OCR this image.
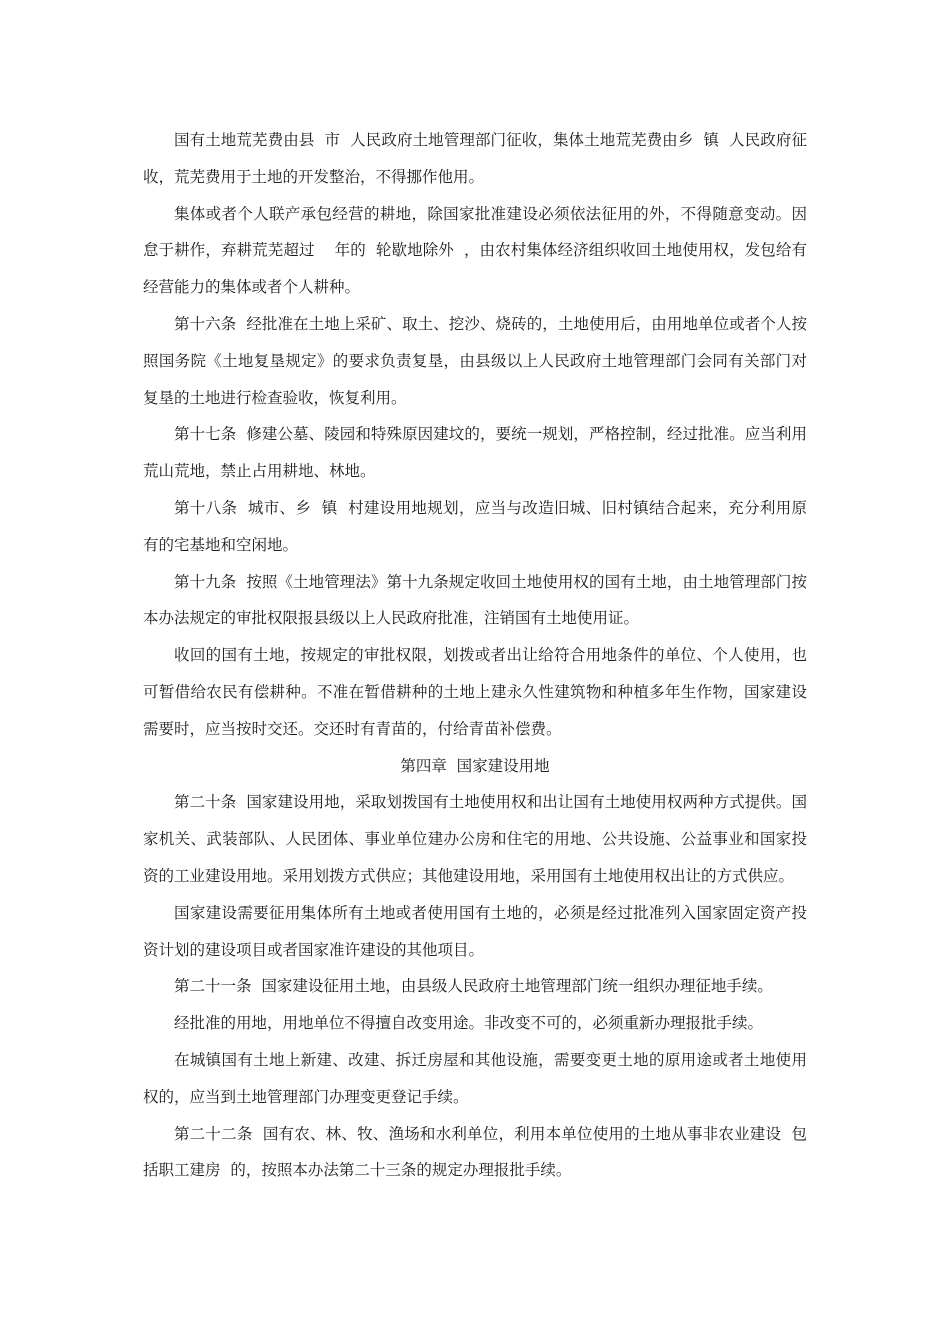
国有土地荒芜费由县  市  人民政府土地管理部门征收，集体土地荒芜费由乡  镇  人民政府征收，荒芜费用于土地的开发整治，不得挪作他用。

集体或者个人联产承包经营的耕地，除国家批准建设必须依法征用的外，不得随意变动。因怠于耕作，弃耕荒芜超过    年的  轮歇地除外  ，由农村集体经济组织收回土地使用权，发包给有经营能力的集体或者个人耕种。

第十六条  经批准在土地上采矿、取土、挖沙、烧砖的，土地使用后，由用地单位或者个人按照国务院《土地复垦规定》的要求负责复垦，由县级以上人民政府土地管理部门会同有关部门对复垦的土地进行检查验收，恢复利用。

第十七条  修建公墓、陵园和特殊原因建坟的，要统一规划，严格控制，经过批准。应当利用荒山荒地，禁止占用耕地、林地。

第十八条  城市、乡  镇  村建设用地规划，应当与改造旧城、旧村镇结合起来，充分利用原有的宅基地和空闲地。

第十九条  按照《土地管理法》第十九条规定收回土地使用权的国有土地，由土地管理部门按本办法规定的审批权限报县级以上人民政府批准，注销国有土地使用证。

收回的国有土地，按规定的审批权限，划拨或者出让给符合用地条件的单位、个人使用，也可暂借给农民有偿耕种。不准在暂借耕种的土地上建永久性建筑物和种植多年生作物，国家建设需要时，应当按时交还。交还时有青苗的，付给青苗补偿费。

第四章  国家建设用地

第二十条  国家建设用地，采取划拨国有土地使用权和出让国有土地使用权两种方式提供。国家机关、武装部队、人民团体、事业单位建办公房和住宅的用地、公共设施、公益事业和国家投资的工业建设用地。采用划拨方式供应；其他建设用地，采用国有土地使用权出让的方式供应。

国家建设需要征用集体所有土地或者使用国有土地的，必须是经过批准列入国家固定资产投资计划的建设项目或者国家准许建设的其他项目。

第二十一条  国家建设征用土地，由县级人民政府土地管理部门统一组织办理征地手续。

经批准的用地，用地单位不得擅自改变用途。非改变不可的，必须重新办理报批手续。

在城镇国有土地上新建、改建、拆迁房屋和其他设施，需要变更土地的原用途或者土地使用权的，应当到土地管理部门办理变更登记手续。

第二十二条  国有农、林、牧、渔场和水利单位，利用本单位使用的土地从事非农业建设  包括职工建房  的，按照本办法第二十三条的规定办理报批手续。
